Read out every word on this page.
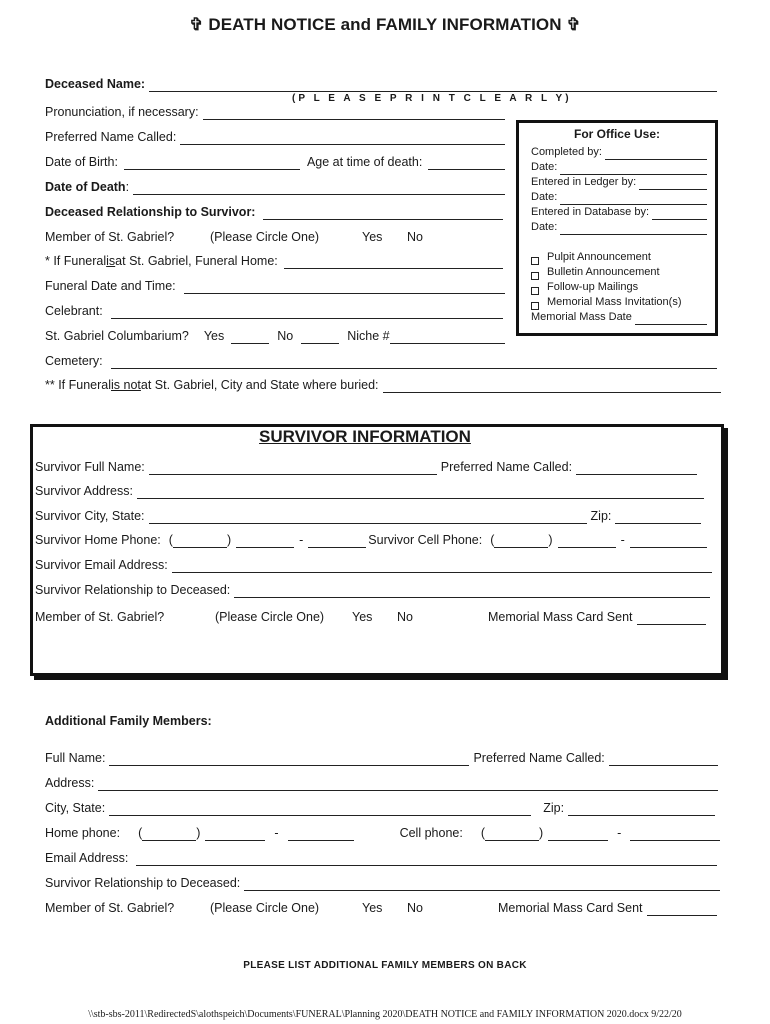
✞ DEATH NOTICE and FAMILY INFORMATION ✞
Deceased Name:
(P L E A S E P R I N T C L E A R L Y)
Pronunciation, if necessary:
Preferred Name Called:
Date of Birth:	Age at time of death:
Date of Death :
Deceased Relationship to Survivor:
Member of St. Gabriel?	(Please Circle One)	Yes No
* If Funeral is at St. Gabriel, Funeral Home:
Funeral Date and Time:
Celebrant:
St. Gabriel Columbarium? Yes	No	Niche #
Cemetery:
** If Funeral is not at St. Gabriel, City and State where buried:
For Office Use:
Completed by:
Date:
Entered in Ledger by:
Date:
Entered in Database by:
Date:
Pulpit Announcement
Bulletin Announcement
Follow-up Mailings
Memorial Mass Invitation(s)
Memorial Mass Date
SURVIVOR INFORMATION
Survivor Full Name:	Preferred Name Called:
Survivor Address:
Survivor City, State:	Zip:
Survivor Home Phone: (	)	-	Survivor Cell Phone: (	)	-
Survivor Email Address:
Survivor Relationship to Deceased:
Member of St. Gabriel?	(Please Circle One) Yes No	Memorial Mass Card Sent
Additional Family Members:
Full Name:	Preferred Name Called:
Address:
City, State:	Zip:
Home phone: (	)	-	Cell phone: (	)	-
Email Address:
Survivor Relationship to Deceased:
Member of St. Gabriel?	(Please Circle One)	Yes No	Memorial Mass Card Sent
PLEASE LIST ADDITIONAL FAMILY MEMBERS ON BACK
\\stb-sbs-2011\RedirectedS\alothspeich\Documents\FUNERAL\Planning 2020\DEATH NOTICE and FAMILY INFORMATION 2020.docx 9/22/20
